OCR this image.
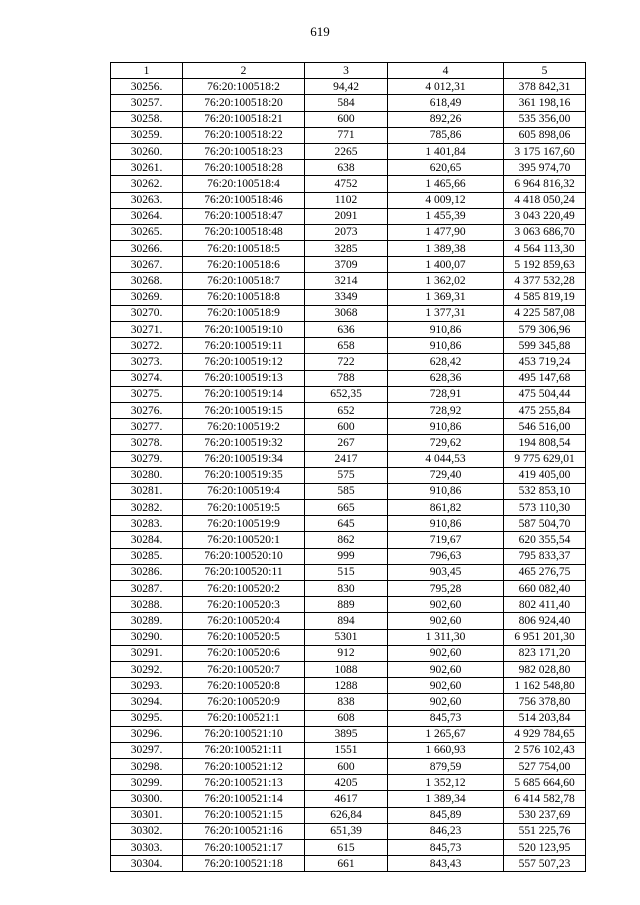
619
1	2	3	4	5
30256.	76:20:100518:2	94,42	4 012,31	378 842,31
30257.	76:20:100518:20	584	618,49	361 198,16
30258.	76:20:100518:21	600	892,26	535 356,00
30259.	76:20:100518:22	771	785,86	605 898,06
30260.	76:20:100518:23	2265	1 401,84	3 175 167,60
30261.	76:20:100518:28	638	620,65	395 974,70
30262.	76:20:100518:4	4752	1 465,66	6 964 816,32
30263.	76:20:100518:46	1102	4 009,12	4 418 050,24
30264.	76:20:100518:47	2091	1 455,39	3 043 220,49
30265.	76:20:100518:48	2073	1 477,90	3 063 686,70
30266.	76:20:100518:5	3285	1 389,38	4 564 113,30
30267.	76:20:100518:6	3709	1 400,07	5 192 859,63
30268.	76:20:100518:7	3214	1 362,02	4 377 532,28
30269.	76:20:100518:8	3349	1 369,31	4 585 819,19
30270.	76:20:100518:9	3068	1 377,31	4 225 587,08
30271.	76:20:100519:10	636	910,86	579 306,96
30272.	76:20:100519:11	658	910,86	599 345,88
30273.	76:20:100519:12	722	628,42	453 719,24
30274.	76:20:100519:13	788	628,36	495 147,68
30275.	76:20:100519:14	652,35	728,91	475 504,44
30276.	76:20:100519:15	652	728,92	475 255,84
30277.	76:20:100519:2	600	910,86	546 516,00
30278.	76:20:100519:32	267	729,62	194 808,54
30279.	76:20:100519:34	2417	4 044,53	9 775 629,01
30280.	76:20:100519:35	575	729,40	419 405,00
30281.	76:20:100519:4	585	910,86	532 853,10
30282.	76:20:100519:5	665	861,82	573 110,30
30283.	76:20:100519:9	645	910,86	587 504,70
30284.	76:20:100520:1	862	719,67	620 355,54
30285.	76:20:100520:10	999	796,63	795 833,37
30286.	76:20:100520:11	515	903,45	465 276,75
30287.	76:20:100520:2	830	795,28	660 082,40
30288.	76:20:100520:3	889	902,60	802 411,40
30289.	76:20:100520:4	894	902,60	806 924,40
30290.	76:20:100520:5	5301	1 311,30	6 951 201,30
30291.	76:20:100520:6	912	902,60	823 171,20
30292.	76:20:100520:7	1088	902,60	982 028,80
30293.	76:20:100520:8	1288	902,60	1 162 548,80
30294.	76:20:100520:9	838	902,60	756 378,80
30295.	76:20:100521:1	608	845,73	514 203,84
30296.	76:20:100521:10	3895	1 265,67	4 929 784,65
30297.	76:20:100521:11	1551	1 660,93	2 576 102,43
30298.	76:20:100521:12	600	879,59	527 754,00
30299.	76:20:100521:13	4205	1 352,12	5 685 664,60
30300.	76:20:100521:14	4617	1 389,34	6 414 582,78
30301.	76:20:100521:15	626,84	845,89	530 237,69
30302.	76:20:100521:16	651,39	846,23	551 225,76
30303.	76:20:100521:17	615	845,73	520 123,95
30304.	76:20:100521:18	661	843,43	557 507,23
